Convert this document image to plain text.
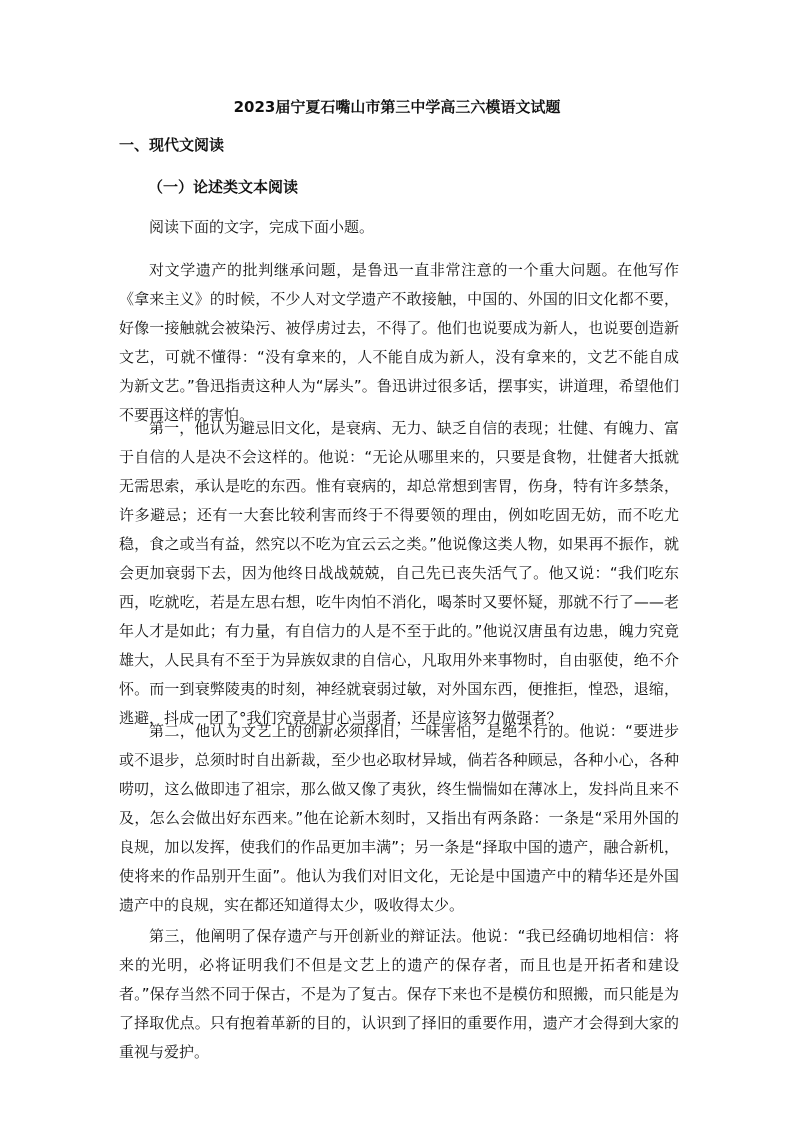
2023届宁夏石嘴山市第三中学高三六模语文试题
一、现代文阅读
（一）论述类文本阅读

阅读下面的文字，完成下面小题。

对文学遗产的批判继承问题，是鲁迅一直非常注意的一个重大问题。在他写作《拿来主义》的时候，不少人对文学遗产不敢接触，中国的、外国的旧文化都不要，好像一接触就会被染污、被俘虏过去，不得了。他们也说要成为新人，也说要创造新文艺，可就不懂得：“没有拿来的，人不能自成为新人，没有拿来的，文艺不能自成为新文艺。”鲁迅指责这种人为“孱头”。鲁迅讲过很多话，摆事实，讲道理，希望他们不要再这样的害怕。

第一，他认为避忌旧文化，是衰病、无力、缺乏自信的表现；壮健、有魄力、富于自信的人是决不会这样的。他说：“无论从哪里来的，只要是食物，壮健者大抵就无需思索，承认是吃的东西。惟有衰病的，却总常想到害胃，伤身，特有许多禁条，许多避忌；还有一大套比较利害而终于不得要领的理由，例如吃固无妨，而不吃尤稳，食之或当有益，然究以不吃为宜云云之类。”他说像这类人物，如果再不振作，就会更加衰弱下去，因为他终日战战兢兢，自己先已丧失活气了。他又说：“我们吃东西，吃就吃，若是左思右想，吃牛肉怕不消化，喝茶时又要怀疑，那就不行了——老年人才是如此；有力量，有自信力的人是不至于此的。”他说汉唐虽有边患，魄力究竟雄大，人民具有不至于为异族奴隶的自信心，凡取用外来事物时，自由驱使，绝不介怀。而一到衰弊陵夷的时刻，神经就衰弱过敏，对外国东西，便推拒，惶恐，退缩，逃避，抖成一团了°我们究竟是甘心当弱者，还是应该努力做强者？

第二，他认为文艺上的创新必须择旧，一味害怕，是绝不行的。他说：“要进步或不退步，总须时时自出新裁，至少也必取材异域，倘若各种顾忌，各种小心，各种唠叨，这么做即违了祖宗，那么做又像了夷狄，终生惴惴如在薄冰上，发抖尚且来不及，怎么会做出好东西来。”他在论新木刻时，又指出有两条路：一条是“采用外国的良规，加以发挥，使我们的作品更加丰满”；另一条是“择取中国的遗产，融合新机，使将来的作品别开生面”。他认为我们对旧文化，无论是中国遗产中的精华还是外国遗产中的良规，实在都还知道得太少，吸收得太少。

第三，他阐明了保存遗产与开创新业的辩证法。他说：“我已经确切地相信：将来的光明，必将证明我们不但是文艺上的遗产的保存者，而且也是开拓者和建设者。”保存当然不同于保古，不是为了复古。保存下来也不是模仿和照搬，而只能是为了择取优点。只有抱着革新的目的，认识到了择旧的重要作用，遗产才会得到大家的重视与爱护。
